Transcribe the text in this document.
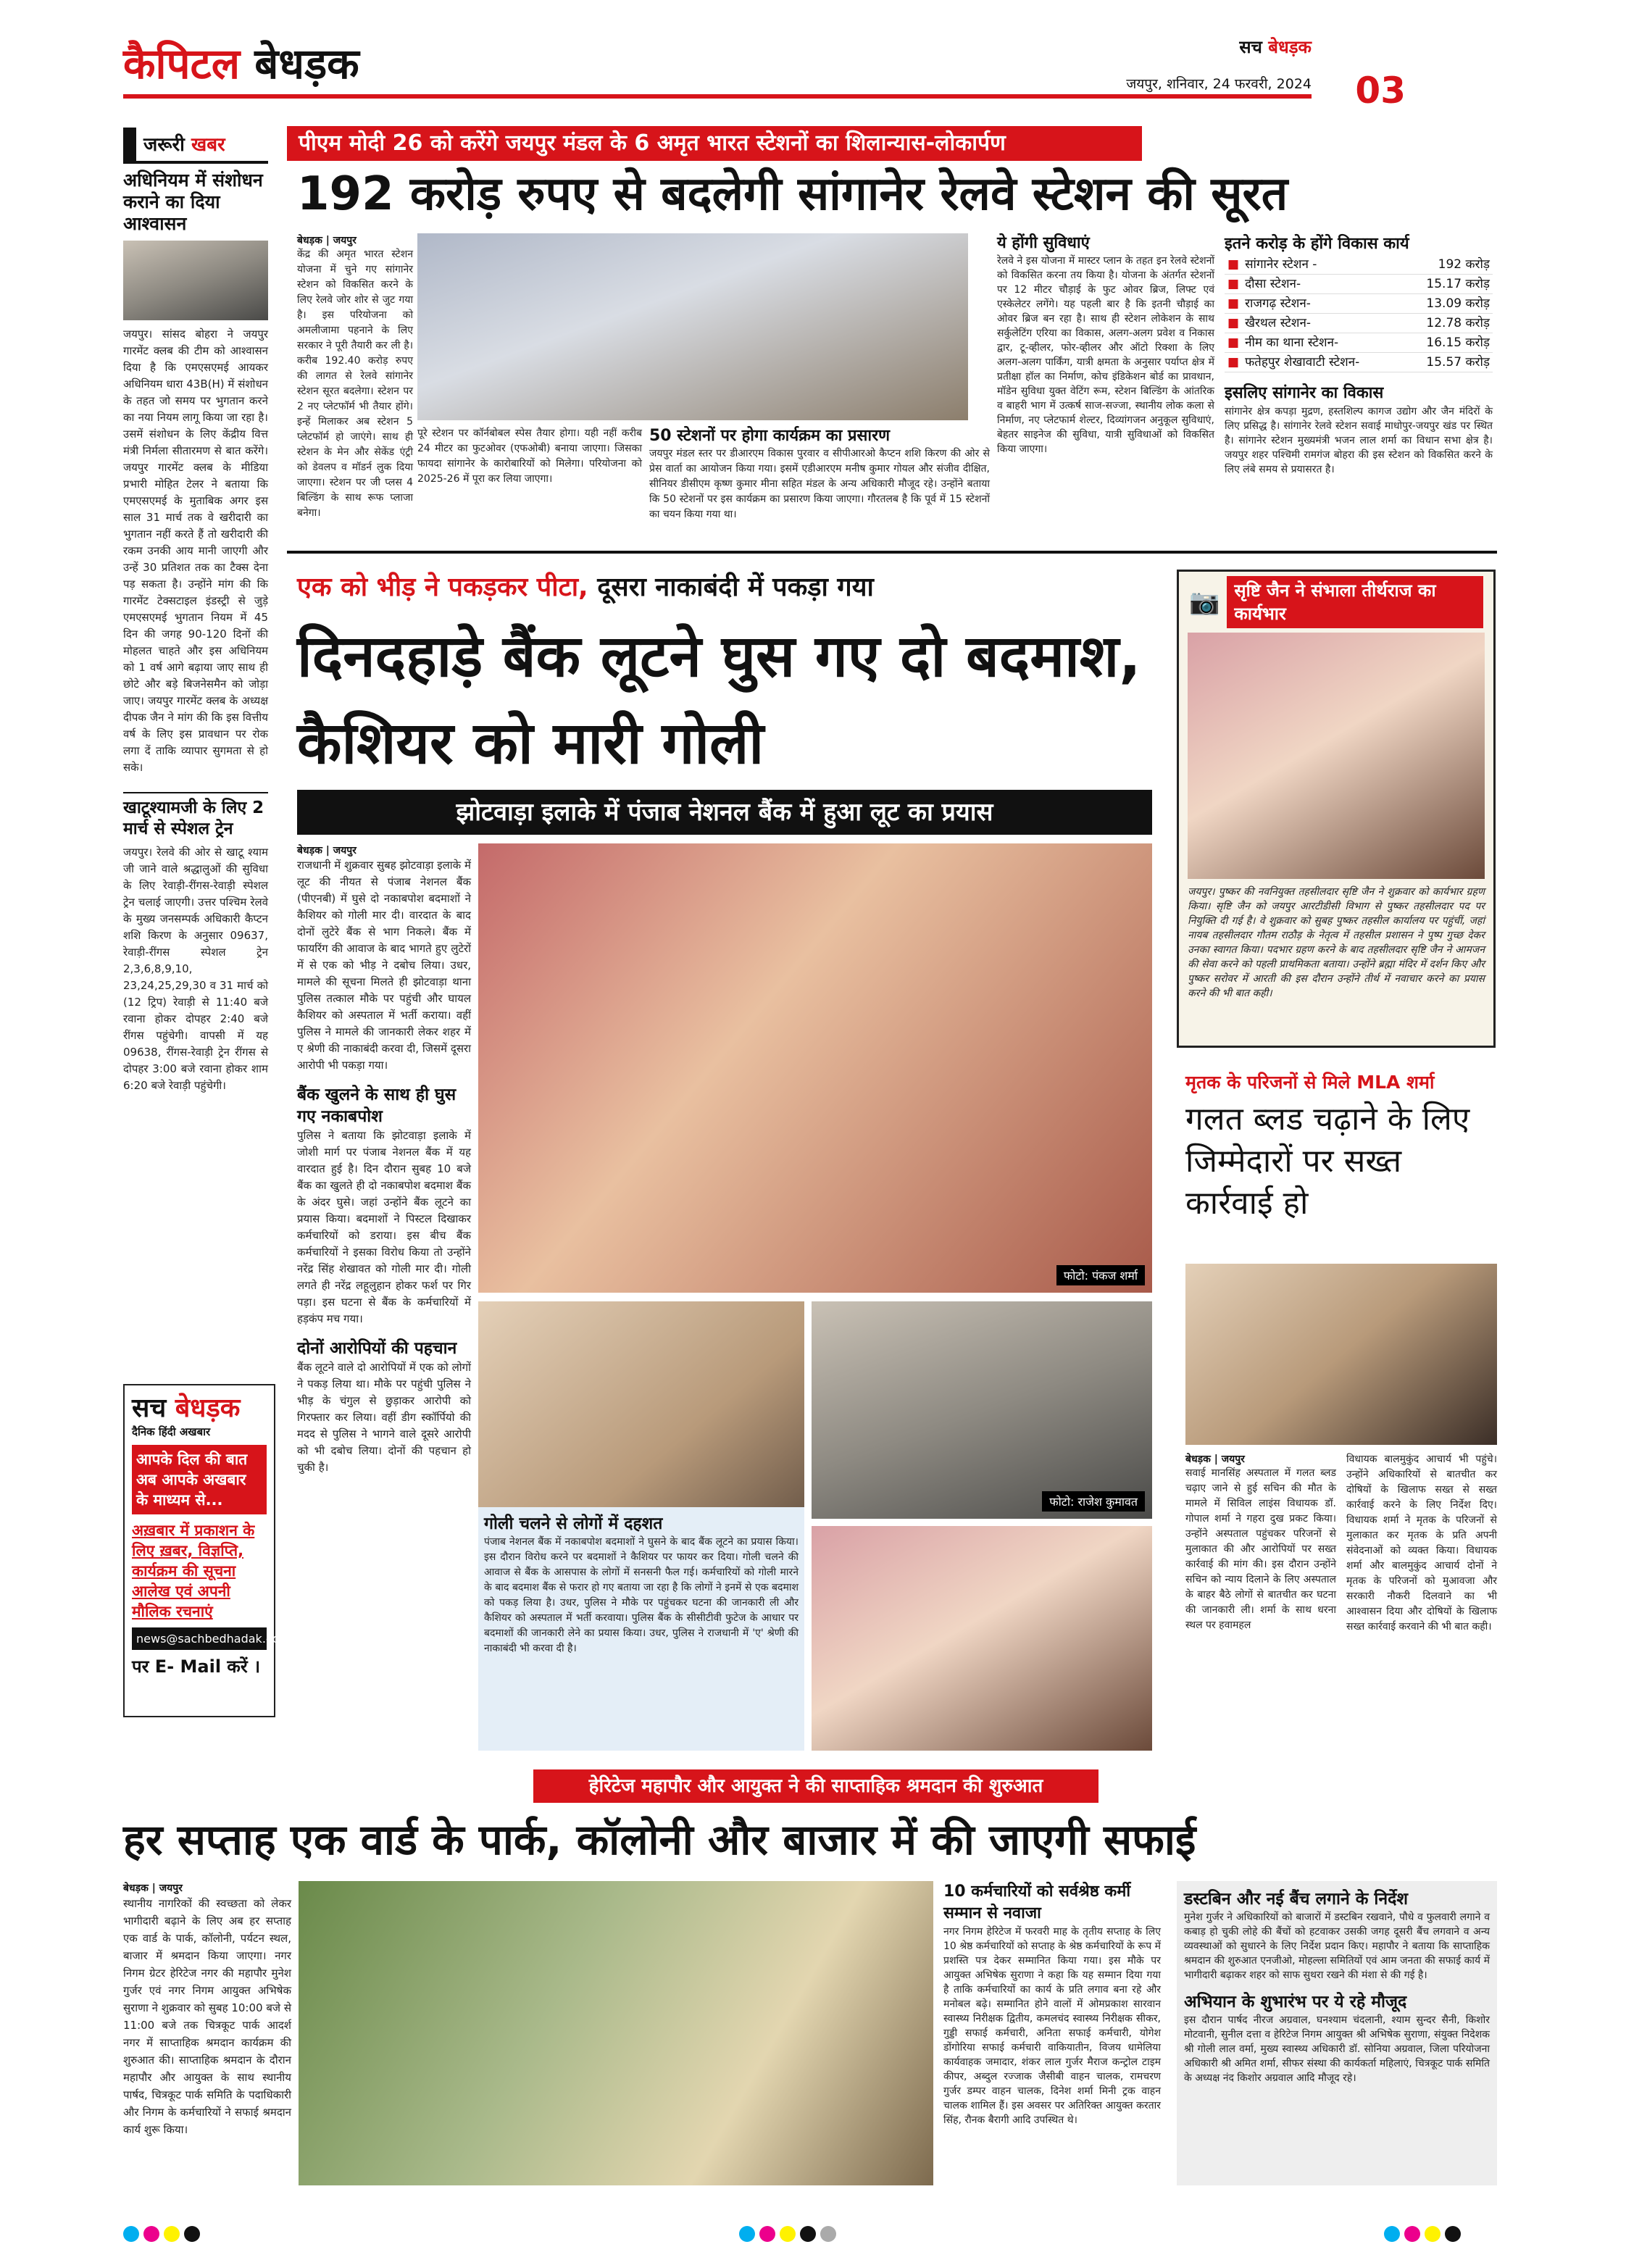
कैपिटल बेधड़क	सच बेधड़क
जयपुर, शनिवार, 24 फरवरी, 2024 03
जरूरी खबर
अधिनियम में संशोधन कराने का दिया आश्वासन
जयपुर। सांसद बोहरा ने जयपुर गारमेंट क्लब की टीम को आश्वासन दिया है कि एमएसएमई आयकर अधिनियम धारा 43B(H) में संशोधन के तहत जो समय पर भुगतान करने का नया नियम लागू किया जा रहा है। उसमें संशोधन के लिए केंद्रीय वित्त मंत्री निर्मला सीतारमण से बात करेंगे। जयपुर गारमेंट क्लब के मीडिया प्रभारी मोहित टेलर ने बताया कि एमएसएमई के मुताबिक अगर इस साल 31 मार्च तक वे खरीदारी का भुगतान नहीं करते हैं तो खरीदारी की रकम उनकी आय मानी जाएगी और उन्हें 30 प्रतिशत तक का टैक्स देना पड़ सकता है। उन्होंने मांग की कि गारमेंट टेक्सटाइल इंडस्ट्री से जुड़े एमएसएमई भुगतान नियम में 45 दिन की जगह 90-120 दिनों की मोहलत चाहते और इस अधिनियम को 1 वर्ष आगे बढ़ाया जाए साथ ही छोटे और बड़े बिजनेसमैन को जोड़ा जाए। जयपुर गारमेंट क्लब के अध्यक्ष दीपक जैन ने मांग की कि इस वित्तीय वर्ष के लिए इस प्रावधान पर रोक लगा दें ताकि व्यापार सुगमता से हो सके।
खाटूश्यामजी के लिए 2 मार्च से स्पेशल ट्रेन
जयपुर। रेलवे की ओर से खाटू श्याम जी जाने वाले श्रद्धालुओं की सुविधा के लिए रेवाड़ी-रींगस-रेवाड़ी स्पेशल ट्रेन चलाई जाएगी। उत्तर पश्चिम रेलवे के मुख्य जनसम्पर्क अधिकारी कैप्टन शशि किरण के अनुसार 09637, रेवाड़ी-रींगस स्पेशल ट्रेन 2,3,6,8,9,10, 23,24,25,29,30 व 31 मार्च को (12 ट्रिप) रेवाड़ी से 11:40 बजे रवाना होकर दोपहर 2:40 बजे रींगस पहुंचेगी। वापसी में यह 09638, रींगस-रेवाड़ी ट्रेन रींगस से दोपहर 3:00 बजे रवाना होकर शाम 6:20 बजे रेवाड़ी पहुंचेगी।
सच बेधड़क
दैनिक हिंदी अखबार
आपके दिल की बात अब आपके अखबार के माध्यम से...
अख़बार में प्रकाशन के लिए ख़बर, विज्ञप्ति, कार्यक्रम की सूचना आलेख एवं अपनी मौलिक रचनाएं
news@sachbedhadak.com
पर E- Mail करें ।
पीएम मोदी 26 को करेंगे जयपुर मंडल के 6 अमृत भारत स्टेशनों का शिलान्यास-लोकार्पण
192 करोड़ रुपए से बदलेगी सांगानेर रेलवे स्टेशन की सूरत
बेधड़क | जयपुर
केंद्र की अमृत भारत स्टेशन योजना में चुने गए सांगानेर स्टेशन को विकसित करने के लिए रेलवे जोर शोर से जुट गया है। इस परियोजना को अमलीजामा पहनाने के लिए सरकार ने पूरी तैयारी कर ली है। करीब 192.40 करोड़ रुपए की लागत से रेलवे सांगानेर स्टेशन सूरत बदलेगा। स्टेशन पर 2 नए प्लेटफॉर्म भी तैयार होंगे। इन्हें मिलाकर अब स्टेशन 5 प्लेटफॉर्म हो जाएंगे। साथ ही स्टेशन के मेन और सेकेंड एंट्री को डेवलप व मॉडर्न लुक दिया जाएगा। स्टेशन पर जी प्लस 4 बिल्डिंग के साथ रूफ प्लाजा बनेगा।
पूरे स्टेशन पर कॉर्नबोबल स्पेस तैयार होगा। यही नहीं करीब 24 मीटर का फुटओवर (एफओबी) बनाया जाएगा। जिसका फायदा सांगानेर के कारोबारियों को मिलेगा। परियोजना को 2025-26 में पूरा कर लिया जाएगा।
50 स्टेशनों पर होगा कार्यक्रम का प्रसारण
जयपुर मंडल स्तर पर डीआरएम विकास पुरवार व सीपीआरओ कैप्टन शशि किरण की ओर से प्रेस वार्ता का आयोजन किया गया। इसमें एडीआरएम मनीष कुमार गोयल और संजीव दीक्षित, सीनियर डीसीएम कृष्ण कुमार मीना सहित मंडल के अन्य अधिकारी मौजूद रहे। उन्होंने बताया कि 50 स्टेशनों पर इस कार्यक्रम का प्रसारण किया जाएगा। गौरतलब है कि पूर्व में 15 स्टेशनों का चयन किया गया था।
ये होंगी सुविधाएं
रेलवे ने इस योजना में मास्टर प्लान के तहत इन रेलवे स्टेशनों को विकसित करना तय किया है। योजना के अंतर्गत स्टेशनों पर 12 मीटर चौड़ाई के फुट ओवर ब्रिज, लिफ्ट एवं एस्केलेटर लगेंगे। यह पहली बार है कि इतनी चौड़ाई का ओवर ब्रिज बन रहा है। साथ ही स्टेशन लोकेशन के साथ सर्कुलेटिंग एरिया का विकास, अलग-अलग प्रवेश व निकास द्वार, टू-व्हीलर, फोर-व्हीलर और ऑटो रिक्शा के लिए अलग-अलग पार्किंग, यात्री क्षमता के अनुसार पर्याप्त क्षेत्र में प्रतीक्षा हॉल का निर्माण, कोच इंडिकेशन बोर्ड का प्रावधान, मॉडेन सुविधा युक्त वेटिंग रूम, स्टेशन बिल्डिंग के आंतरिक व बाहरी भाग में उत्कर्ष साज-सज्जा, स्थानीय लोक कला से निर्माण, नए प्लेटफार्म शेल्टर, दिव्यांगजन अनुकूल सुविधाएं, बेहतर साइनेज की सुविधा, यात्री सुविधाओं को विकसित किया जाएगा।
इतने करोड़ के होंगे विकास कार्य
■ सांगानेर स्टेशन -	192 करोड़
■ दौसा स्टेशन-	15.17 करोड़
■ राजगढ़ स्टेशन-	13.09 करोड़
■ खैरथल स्टेशन-	12.78 करोड़
■ नीम का थाना स्टेशन-	16.15 करोड़
■ फतेहपुर शेखावाटी स्टेशन-	15.57 करोड़
इसलिए सांगानेर का विकास
सांगानेर क्षेत्र कपड़ा मुद्रण, हस्तशिल्प कागज उद्योग और जैन मंदिरों के लिए प्रसिद्ध है। सांगानेर रेलवे स्टेशन सवाई माधोपुर-जयपुर खंड पर स्थित है। सांगानेर स्टेशन मुख्यमंत्री भजन लाल शर्मा का विधान सभा क्षेत्र है। जयपुर शहर पश्चिमी रामगंज बोहरा की इस स्टेशन को विकसित करने के लिए लंबे समय से प्रयासरत है।
एक को भीड़ ने पकड़कर पीटा, दूसरा नाकाबंदी में पकड़ा गया
दिनदहाड़े बैंक लूटने घुस गए दो बदमाश, कैशियर को मारी गोली
झोटवाड़ा इलाके में पंजाब नेशनल बैंक में हुआ लूट का प्रयास
बेधड़क | जयपुर
राजधानी में शुक्रवार सुबह झोटवाड़ा इलाके में लूट की नीयत से पंजाब नेशनल बैंक (पीएनबी) में घुसे दो नकाबपोश बदमाशों ने कैशियर को गोली मार दी। वारदात के बाद दोनों लुटेरे बैंक से भाग निकले। बैंक में फायरिंग की आवाज के बाद भागते हुए लुटेरों में से एक को भीड़ ने दबोच लिया। उधर, मामले की सूचना मिलते ही झोटवाड़ा थाना पुलिस तत्काल मौके पर पहुंची और घायल कैशियर को अस्पताल में भर्ती कराया। वहीं पुलिस ने मामले की जानकारी लेकर शहर में ए श्रेणी की नाकाबंदी करवा दी, जिसमें दूसरा आरोपी भी पकड़ा गया।
बैंक खुलने के साथ ही घुस गए नकाबपोश
पुलिस ने बताया कि झोटवाड़ा इलाके में जोशी मार्ग पर पंजाब नेशनल बैंक में यह वारदात हुई है। दिन दौरान सुबह 10 बजे बैंक का खुलते ही दो नकाबपोश बदमाश बैंक के अंदर घुसे। जहां उन्होंने बैंक लूटने का प्रयास किया। बदमाशों ने पिस्टल दिखाकर कर्मचारियों को डराया। इस बीच बैंक कर्मचारियों ने इसका विरोध किया तो उन्होंने नरेंद्र सिंह शेखावत को गोली मार दी। गोली लगते ही नरेंद्र लहूलुहान होकर फर्श पर गिर पड़ा। इस घटना से बैंक के कर्मचारियों में हड़कंप मच गया।
दोनों आरोपियों की पहचान
बैंक लूटने वाले दो आरोपियों में एक को लोगों ने पकड़ लिया था। मौके पर पहुंची पुलिस ने भीड़ के चंगुल से छुड़ाकर आरोपी को गिरफ्तार कर लिया। वहीं डीग स्कॉर्पियो की मदद से पुलिस ने भागने वाले दूसरे आरोपी को भी दबोच लिया। दोनों की पहचान हो चुकी है।
फोटो: पंकज शर्मा
फोटो: राजेश कुमावत
गोली चलने से लोगों में दहशत
पंजाब नेशनल बैंक में नकाबपोश बदमाशों ने घुसने के बाद बैंक लूटने का प्रयास किया। इस दौरान विरोध करने पर बदमाशों ने कैशियर पर फायर कर दिया। गोली चलने की आवाज से बैंक के आसपास के लोगों में सनसनी फैल गई। कर्मचारियों को गोली मारने के बाद बदमाश बैंक से फरार हो गए बताया जा रहा है कि लोगों ने इनमें से एक बदमाश को पकड़ लिया है। उधर, पुलिस ने मौके पर पहुंचकर घटना की जानकारी ली और कैशियर को अस्पताल में भर्ती करवाया। पुलिस बैंक के सीसीटीवी फुटेज के आधार पर बदमाशों की जानकारी लेने का प्रयास किया। उधर, पुलिस ने राजधानी में 'ए' श्रेणी की नाकाबंदी भी करवा दी है।
📷 सृष्टि जैन ने संभाला तीर्थराज का कार्यभार
जयपुर। पुष्कर की नवनियुक्त तहसीलदार सृष्टि जैन ने शुक्रवार को कार्यभार ग्रहण किया। सृष्टि जैन को जयपुर आरटीडीसी विभाग से पुष्कर तहसीलदार पद पर नियुक्ति दी गई है। वे शुक्रवार को सुबह पुष्कर तहसील कार्यालय पर पहुंचीं, जहां नायब तहसीलदार गौतम राठौड़ के नेतृत्व में तहसील प्रशासन ने पुष्प गुच्छ देकर उनका स्वागत किया। पदभार ग्रहण करने के बाद तहसीलदार सृष्टि जैन ने आमजन की सेवा करने को पहली प्राथमिकता बताया। उन्होंने ब्रह्मा मंदिर में दर्शन किए और पुष्कर सरोवर में आरती की इस दौरान उन्होंने तीर्थ में नवाचार करने का प्रयास करने की भी बात कही।
मृतक के परिजनों से मिले MLA शर्मा
गलत ब्लड चढ़ाने के लिए जिम्मेदारों पर सख्त कार्रवाई हो
बेधड़क | जयपुर
सवाई मानसिंह अस्पताल में गलत ब्लड चढ़ाए जाने से हुई सचिन की मौत के मामले में सिविल लाइंस विधायक डॉ. गोपाल शर्मा ने गहरा दुख प्रकट किया। उन्होंने अस्पताल पहुंचकर परिजनों से मुलाकात की और आरोपियों पर सख्त कार्रवाई की मांग की। इस दौरान उन्होंने सचिन को न्याय दिलाने के लिए अस्पताल के बाहर बैठे लोगों से बातचीत कर घटना की जानकारी ली। शर्मा के साथ धरना स्थल पर हवामहल
विधायक बालमुकुंद आचार्य भी पहुंचे। उन्होंने अधिकारियों से बातचीत कर दोषियों के खिलाफ सख्त से सख्त कार्रवाई करने के लिए निर्देश दिए। विधायक शर्मा ने मृतक के परिजनों से मुलाकात कर मृतक के प्रति अपनी संवेदनाओं को व्यक्त किया। विधायक शर्मा और बालमुकुंद आचार्य दोनों ने मृतक के परिजनों को मुआवजा और सरकारी नौकरी दिलवाने का भी आश्वासन दिया और दोषियों के खिलाफ सख्त कार्रवाई करवाने की भी बात कही।
हेरिटेज महापौर और आयुक्त ने की साप्ताहिक श्रमदान की शुरुआत
हर सप्ताह एक वार्ड के पार्क, कॉलोनी और बाजार में की जाएगी सफाई
बेधड़क | जयपुर
स्थानीय नागरिकों की स्वच्छता को लेकर भागीदारी बढ़ाने के लिए अब हर सप्ताह एक वार्ड के पार्क, कॉलोनी, पर्यटन स्थल, बाजार में श्रमदान किया जाएगा। नगर निगम ग्रेटर हेरिटेज नगर की महापौर मुनेश गुर्जर एवं नगर निगम आयुक्त अभिषेक सुराणा ने शुक्रवार को सुबह 10:00 बजे से 11:00 बजे तक चित्रकूट पार्क आदर्श नगर में साप्ताहिक श्रमदान कार्यक्रम की शुरुआत की। साप्ताहिक श्रमदान के दौरान महापौर और आयुक्त के साथ स्थानीय पार्षद, चित्रकूट पार्क समिति के पदाधिकारी और निगम के कर्मचारियों ने सफाई श्रमदान कार्य शुरू किया।
10 कर्मचारियों को सर्वश्रेष्ठ कर्मी सम्मान से नवाजा
नगर निगम हेरिटेज में फरवरी माह के तृतीय सप्ताह के लिए 10 श्रेष्ठ कर्मचारियों को सप्ताह के श्रेष्ठ कर्मचारियों के रूप में प्रशस्ति पत्र देकर सम्मानित किया गया। इस मौके पर आयुक्त अभिषेक सुराणा ने कहा कि यह सम्मान दिया गया है ताकि कर्मचारियों का कार्य के प्रति लगाव बना रहे और मनोबल बढ़े। सम्मानित होने वालों में ओमप्रकाश सारवान स्वास्थ्य निरीक्षक द्वितीय, कमलचंद स्वास्थ्य निरीक्षक सीकर, गुड्डी सफाई कर्मचारी, अनिता सफाई कर्मचारी, योगेश डोंगोरिया सफाई कर्मचारी वाकियातीन, विजय धामेलिया कार्यवाहक जमादार, शंकर लाल गुर्जर मैराज कन्ट्रोल टाइम कीपर, अब्दुल रज्जाक जैसीबी वाहन चालक, रामचरण गुर्जर डम्पर वाहन चालक, दिनेश शर्मा मिनी ट्रक वाहन चालक शामिल हैं। इस अवसर पर अतिरिक्त आयुक्त करतार सिंह, रौनक बैरागी आदि उपस्थित थे।
डस्टबिन और नई बैंच लगाने के निर्देश
मुनेश गुर्जर ने अधिकारियों को बाजारों में डस्टबिन रखवाने, पौधे व फुलवारी लगाने व कबाड़ हो चुकी लोहे की बैंचों को हटवाकर उसकी जगह दूसरी बैंच लगवाने व अन्य व्यवस्थाओं को सुधारने के लिए निर्देश प्रदान किए। महापौर ने बताया कि साप्ताहिक श्रमदान की शुरुआत एनजीओ, मोहल्ला समितियों एवं आम जनता की सफाई कार्य में भागीदारी बढ़ाकर शहर को साफ सुथरा रखने की मंशा से की गई है।
अभियान के शुभारंभ पर ये रहे मौजूद
इस दौरान पार्षद नीरज अग्रवाल, घनश्याम चंदलानी, श्याम सुन्दर सैनी, किशोर मोटवानी, सुनील दत्ता व हेरिटेज निगम आयुक्त श्री अभिषेक सुराणा, संयुक्त निदेशक श्री गोली लाल वर्मा, मुख्य स्वास्थ्य अधिकारी डॉ. सोनिया अग्रवाल, जिला परियोजना अधिकारी श्री अमित शर्मा, सीफर संस्था की कार्यकर्ता महिलाएं, चित्रकूट पार्क समिति के अध्यक्ष नंद किशोर अग्रवाल आदि मौजूद रहे।
